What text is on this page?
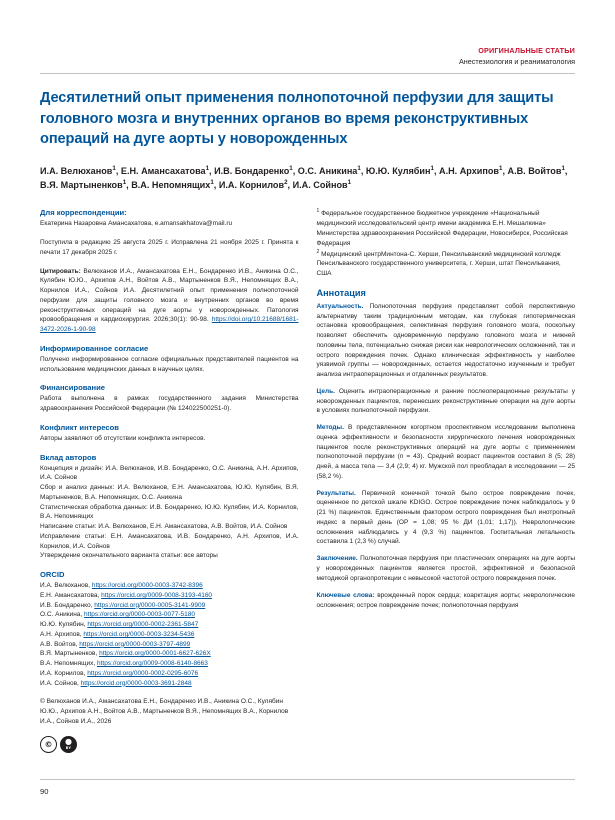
ОРИГИНАЛЬНЫЕ СТАТЬИ
Анестезиология и реаниматология
Десятилетний опыт применения полнопоточной перфузии для защиты головного мозга и внутренних органов во время реконструктивных операций на дуге аорты у новорожденных
И.А. Велюханов$^1$, Е.Н. Амансахатова$^1$, И.В. Бондаренко$^1$, О.С. Аникина$^1$, Ю.Ю. Кулябин$^1$, А.Н. Архипов$^1$, А.В. Войтов$^1$, В.Я. Мартыненков$^1$, В.А. Непомнящих$^1$, И.А. Корнилов$^2$, И.А. Сойнов$^1$
Для корреспонденции:
Екатерина Назаровна Амансахатова, e.amansakhatova@mail.ru
Поступила в редакцию 25 августа 2025 г. Исправлена 21 ноября 2025 г. Принята к печати 17 декабря 2025 г.
Цитировать: Велюханов И.А., Амансахатова Е.Н., Бондаренко И.В., Аникина О.С., Кулябин Ю.Ю., Архипов А.Н., Войтов А.В., Мартыненков В.Я., Непомнящих В.А., Корнилов И.А., Сойнов И.А. Десятилетний опыт применения полнопоточной перфузии для защиты головного мозга и внутренних органов во время реконструктивных операций на дуге аорты у новорожденных. Патология кровообращения и кардиохирургия. 2026;30(1): 90-98. https://doi.org/10.21688/1681-3472-2026-1-90-98
Информированное согласие
Получено информированное согласие официальных представителей пациентов на использование медицинских данных в научных целях.
Финансирование
Работа выполнена в рамках государственного задания Министерства здравоохранения Российской Федерации (№ 124022500251-0).
Конфликт интересов
Авторы заявляют об отсутствии конфликта интересов.
Вклад авторов
Концепция и дизайн: И.А. Велюханов, И.В. Бондаренко, О.С. Аникина, А.Н. Архипов, И.А. Сойнов
Сбор и анализ данных: И.А. Велюханов, Е.Н. Амансахатова, Ю.Ю. Кулябин, В.Я. Мартыненков, В.А. Непомнящих, О.С. Аникина
Статистическая обработка данных: И.В. Бондаренко, Ю.Ю. Кулябин, И.А. Корнилов, В.А. Непомнящих
Написание статьи: И.А. Велюханов, Е.Н. Амансахатова, А.В. Войтов, И.А. Сойнов
Исправление статьи: Е.Н. Амансахатова, И.В. Бондаренко, А.Н. Архипов, И.А. Корнилов, И.А. Сойнов
Утверждение окончательного варианта статьи: все авторы
ORCID
И.А. Велюханов, https://orcid.org/0000-0003-3742-8396
Е.Н. Амансахатова, https://orcid.org/0009-0008-3193-4160
И.В. Бондаренко, https://orcid.org/0000-0005-3141-9909
О.С. Аникина, https://orcid.org/0000-0003-0077-5180
Ю.Ю. Кулябин, https://orcid.org/0000-0002-2361-5847
А.Н. Архипов, https://orcid.org/0000-0003-3234-5436
А.В. Войтов, https://orcid.org/0000-0003-3797-4899
В.Я. Мартыненков, https://orcid.org/0000-0001-6627-626X
В.А. Непомнящих, https://orcid.org/0009-0008-6140-8663
И.А. Корнилов, https://orcid.org/0000-0002-0295-6076
И.А. Сойнов, https://orcid.org/0000-0003-3691-2848
© Велюханов И.А., Амансахатова Е.Н., Бондаренко И.В., Аникина О.С., Кулябин Ю.Ю., Архипов А.Н., Войтов А.В., Мартыненков В.Я., Непомнящих В.А., Корнилов И.А., Сойнов И.А., 2026
©	●
BY
$^1$ Федеральное государственное бюджетное учреждение «Национальный медицинский исследовательский центр имени академика Е.Н. Мешалкина» Министерства здравоохранения Российской Федерации, Новосибирск, Российская Федерация
$^2$ Медицинский центрМинтона-С. Херши, Пенсильванский медицинский колледж Пенсильванского государственного университета, г. Херши, штат Пенсильвания, США
Аннотация
Актуальность. Полнопоточная перфузия представляет собой перспективную альтернативу таким традиционным методам, как глубокая гипотермическая остановка кровообращения, селективная перфузия головного мозга, поскольку позволяет обеспечить одновременную перфузию головного мозга и нижней половины тела, потенциально снижая риски как неврологических осложнений, так и острого повреждения почек. Однако клиническая эффективность у наиболее уязвимой группы — новорожденных, остается недостаточно изученным и требует анализа интраоперационных и отдаленных результатов.
Цель. Оценить интраоперационные и ранние послеоперационные результаты у новорожденных пациентов, перенесших реконструктивные операции на дуге аорты в условиях полнопоточной перфузии.
Методы. В представленном когортном проспективном исследовании выполнена оценка эффективности и безопасности хирургического лечения новорожденных пациентов после реконструктивных операций на дуге аорты с применением полнопоточной перфузии (n = 43). Средний возраст пациентов составил 8 (5; 28) дней, а масса тела — 3,4 (2,9; 4) кг. Мужской пол преобладал в исследовании — 25 (58,2 %).
Результаты. Первичной конечной точкой было острое повреждение почек, оцененное по детской шкале KDIGO. Острое повреждение почек наблюдалось у 9 (21 %) пациентов. Единственным фактором острого повреждения был инотропный индекс в первый день (ОР = 1,08; 95 % ДИ (1,01; 1,17)). Неврологические осложнения наблюдались у 4 (9,3 %) пациентов. Госпитальная летальность составила 1 (2,3 %) случай.
Заключение. Полнопоточная перфузия при пластических операциях на дуге аорты у новорожденных пациентов является простой, эффективной и безопасной методикой органопротекции с невысокой частотой острого повреждения почек.
Ключевые слова: врожденный порок сердца; коарктация аорты; неврологические осложнения; острое повреждение почек; полнопоточная перфузия
90
